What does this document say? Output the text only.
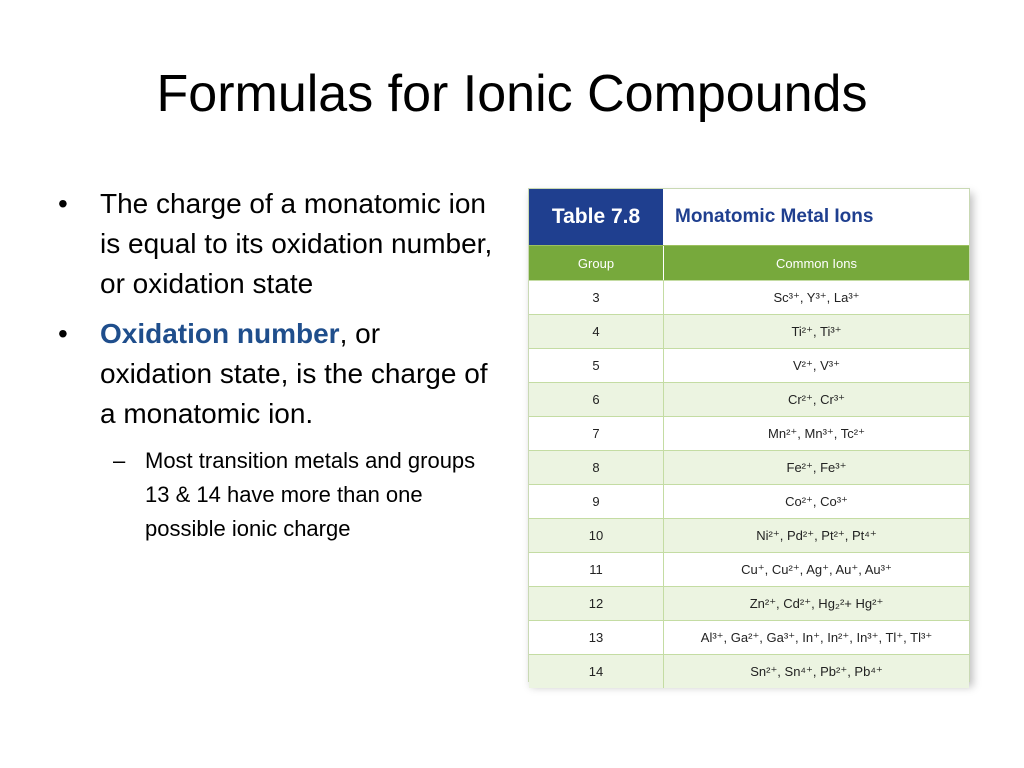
Formulas for Ionic Compounds
•	The charge of a monatomic ion is equal to its oxidation number, or oxidation state
•	Oxidation number, or oxidation state, is the charge of a monatomic ion.
– Most transition metals and groups 13 & 14 have more than one possible ionic charge
Table 7.8	Monatomic Metal Ions
Group	Common Ions
3	Sc³⁺, Y³⁺, La³⁺
4	Ti²⁺, Ti³⁺
5	V²⁺, V³⁺
6	Cr²⁺, Cr³⁺
7	Mn²⁺, Mn³⁺, Tc²⁺
8	Fe²⁺, Fe³⁺
9	Co²⁺, Co³⁺
10	Ni²⁺, Pd²⁺, Pt²⁺, Pt⁴⁺
11	Cu⁺, Cu²⁺, Ag⁺, Au⁺, Au³⁺
12	Zn²⁺, Cd²⁺, Hg₂²+ Hg²⁺
13	Al³⁺, Ga²⁺, Ga³⁺, In⁺, In²⁺, In³⁺, Tl⁺, Tl³⁺
14	Sn²⁺, Sn⁴⁺, Pb²⁺, Pb⁴⁺
